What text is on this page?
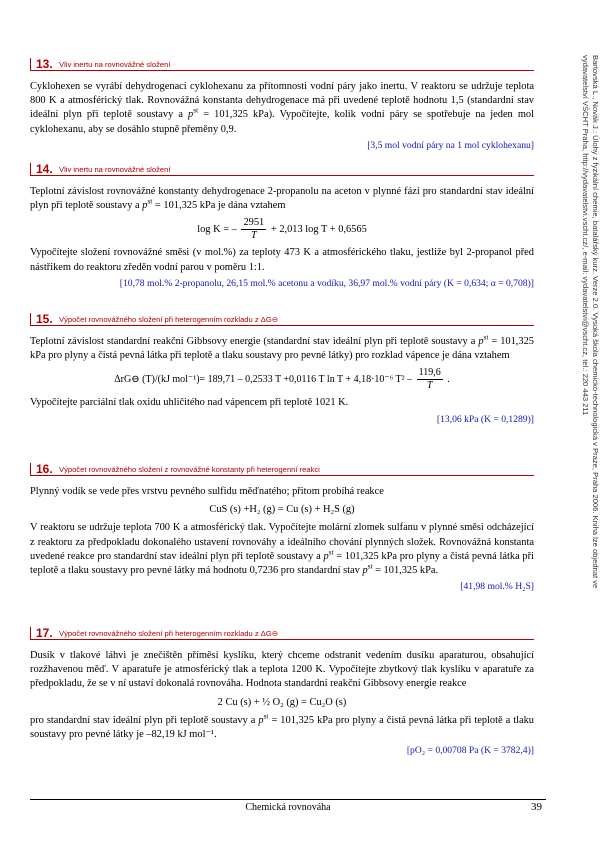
Bartovská L., Novák J.: Úlohy z fyzikální chemie, batalářský kurz. Verze 2.0. Vysoká škola chemicko-technologická v Praze, Praha 2006. Kniha lze objednat ve vydavatelství VŠCHT Praha, http://vydavatelstvi.vscht.cz/, e-mail: vydavatelstvi@vscht.cz, tel.: 220 443 211
13. Vliv inertu na rovnovážné složení

Cyklohexen se vyrábí dehydrogenací cyklohexanu za přítomnosti vodní páry jako inertu. V reaktoru se udržuje teplota 800 K a atmosférický tlak. Rovnovážná konstanta dehydrogenace má při uvedené teplotě hodnotu 1,5 (standardní stav ideální plyn při teplotě soustavy a $p^{st} = 101,325$ kPa). Vypočítejte, kolik vodní páry se spotřebuje na jeden mol cyklohexanu, aby se dosáhlo stupně přeměny 0,9.

[3,5 mol vodní páry na 1 mol cyklohexanu]
14. Vliv inertu na rovnovážné složení

Teplotní závislost rovnovážné konstanty dehydrogenace 2-propanolu na aceton v plynné fázi pro standardní stav ideální plyn při teplotě soustavy a $p^{st} = 101,325$ kPa je dána vztahem

log K = – $\frac{2951}{T} + 2,013$ log T + 0,6565

Vypočítejte složení rovnovážné směsi (v mol.%) za teploty 473 K a atmosférického tlaku, jestliže byl 2-propanol před nástřikem do reaktoru zředěn vodní parou v poměru 1:1.

[10,78 mol.% 2-propanolu, 26,15 mol.% acetonu a vodíku, 36,97 mol.% vodní páry (K = 0,634; α = 0,708)]
15. Výpočet rovnovážného složení při heterogenním rozkladu z ΔG⊖

Teplotní závislost standardní reakční Gibbsovy energie (standardní stav ideální plyn při teplotě soustavy a $p^{st} = 101,325$ kPa pro plyny a čistá pevná látka při teplotě a tlaku soustavy pro pevné látky) pro rozklad vápence je dána vztahem

ΔrG⊖ (T)/(kJ mol⁻¹)= 189,71 – 0,2533 T +0,0116 T ln T + 4,18·10⁻⁶ $T^2 - \frac{119,6}{T}$ .

Vypočítejte parciální tlak oxidu uhličitého nad vápencem při teplotě 1021 K.

[13,06 kPa (K = 0,1289)]
16. Výpočet rovnovážného složení z rovnovážné konstanty při heterogenní reakci

Plynný vodík se vede přes vrstvu pevného sulfidu měďnatého; přitom probíhá reakce

CuS (s) +H₂ (g) = Cu (s) + H₂S (g)

V reaktoru se udržuje teplota 700 K a atmosférický tlak. Vypočítejte molární zlomek sulfanu v plynné směsi odcházející z reaktoru za předpokladu dokonalého ustavení rovnováhy a ideálního chování plynných složek. Rovnovážná konstanta uvedené reakce pro standardní stav ideální plyn při teplotě soustavy a $p^{st} = 101,325$ kPa pro plyny a čistá pevná látka při teplotě a tlaku soustavy pro pevné látky má hodnotu 0,7236 pro standardní stav $p^{st} = 101,325$ kPa.

[41,98 mol.% H₂S]
17. Výpočet rovnovážného složení při heterogenním rozkladu z ΔG⊖

Dusík v tlakové láhvi je znečištěn příměsí kyslíku, který chceme odstranit vedením dusíku aparaturou, obsahující rozžhavenou měď. V aparatuře je atmosférický tlak a teplota 1200 K. Vypočítejte zbytkový tlak kyslíku v aparatuře za předpokladu, že se v ní ustaví dokonalá rovnováha. Hodnota standardní reakční Gibbsovy energie reakce

2 Cu (s) + ½ O₂ (g) = Cu₂O (s)

pro standardní stav ideální plyn při teplotě soustavy a $p^{st} = 101,325$ kPa pro plyny a čistá pevná látka při teplotě a tlaku soustavy pro pevné látky je –82,19 kJ mol⁻¹.

[pO₂ = 0,00708 Pa (K = 3782,4)]
Chemická rovnováha	39
